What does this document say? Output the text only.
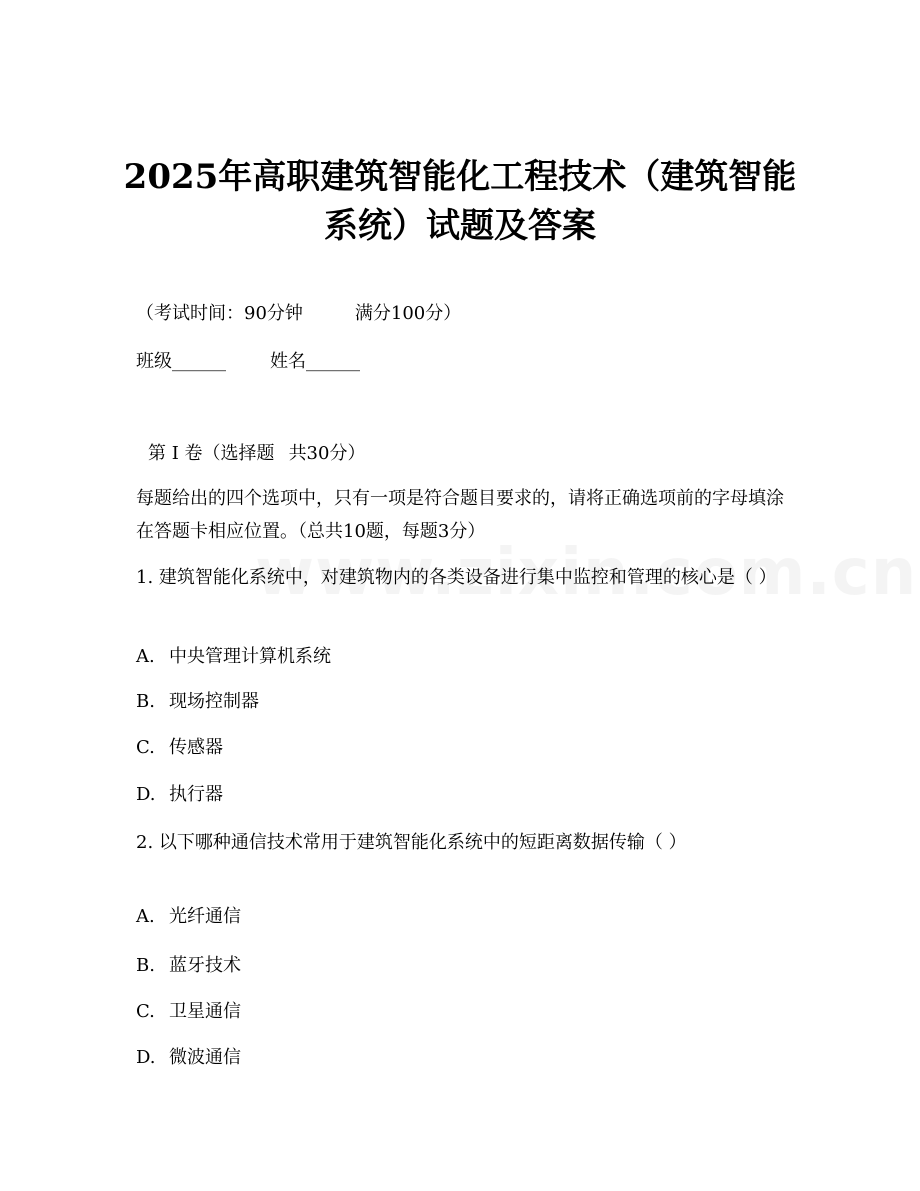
2025年高职建筑智能化工程技术（建筑智能
系统）试题及答案

（考试时间：90分钟	满分100分）

班级______ 姓名______

第 I 卷（选择题 共30分）

每题给出的四个选项中，只有一项是符合题目要求的，请将正确选项前的字母填涂在答题卡相应位置。（总共10题，每题3分）

1. 建筑智能化系统中，对建筑物内的各类设备进行集中监控和管理的核心是（ ）

A. 中央管理计算机系统

B. 现场控制器

C. 传感器

D. 执行器

2. 以下哪种通信技术常用于建筑智能化系统中的短距离数据传输（ ）

A. 光纤通信

B. 蓝牙技术

C. 卫星通信

D. 微波通信
